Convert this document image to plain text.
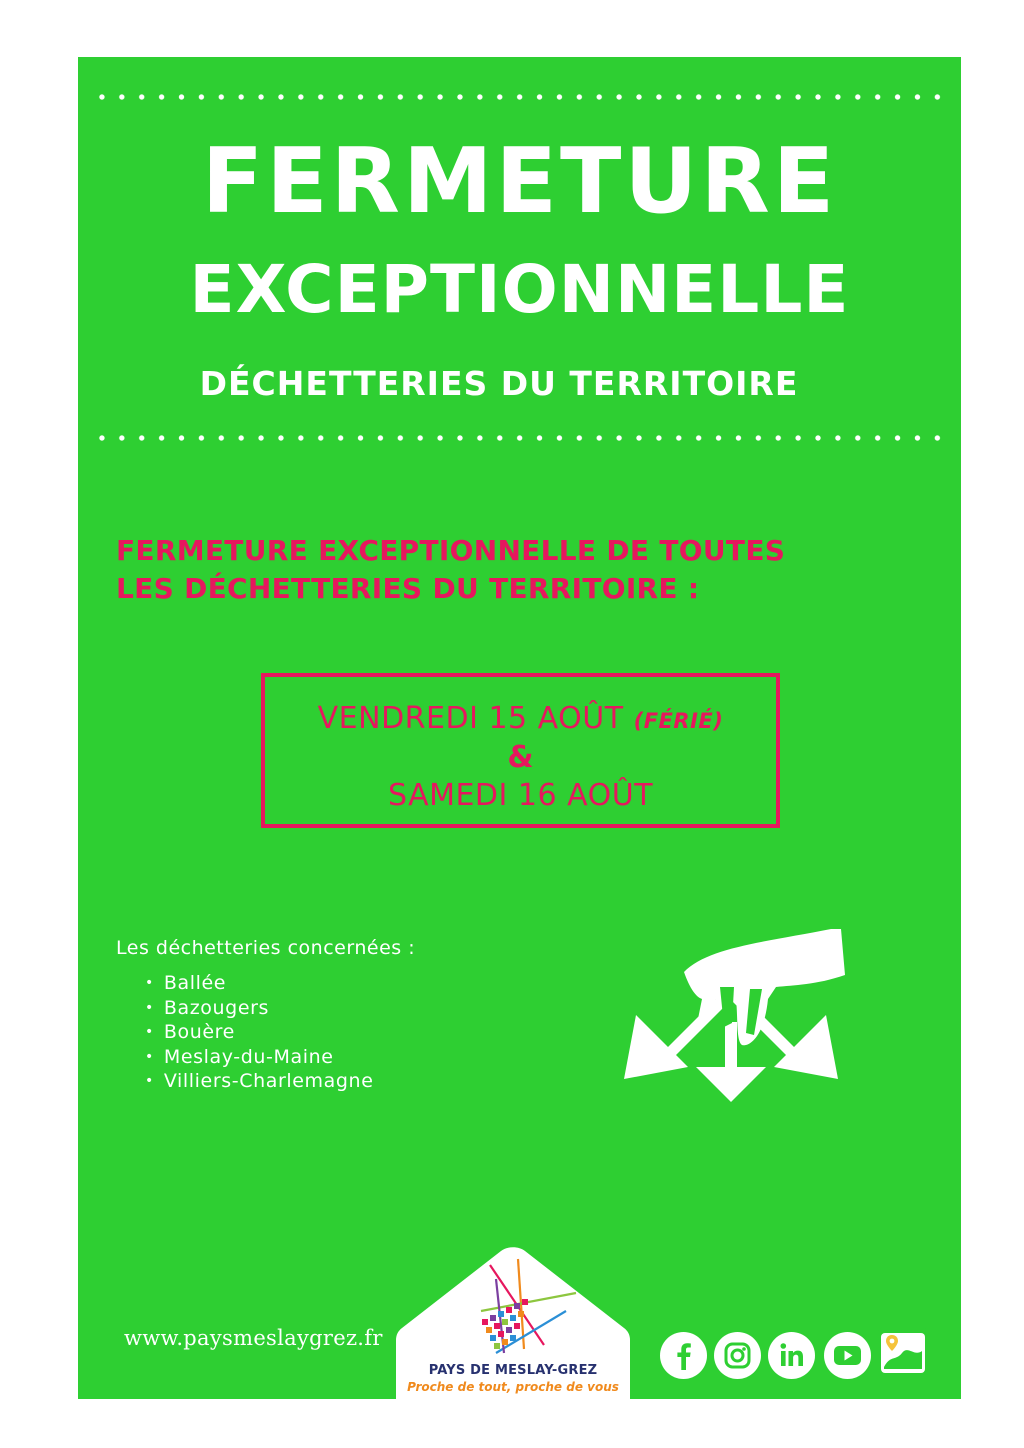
FERMETURE
EXCEPTIONNELLE
DÉCHETTERIES DU TERRITOIRE
FERMETURE EXCEPTIONNELLE DE TOUTES
LES DÉCHETTERIES DU TERRITOIRE :
VENDREDI 15 AOÛT (FÉRIÉ)
&
SAMEDI 16 AOÛT
Les déchetteries concernées :
• Ballée
• Bazougers
• Bouère
• Meslay-du-Maine
• Villiers-Charlemagne
www.paysmeslaygrez.fr
PAYS DE MESLAY-GREZ
Proche de tout, proche de vous
